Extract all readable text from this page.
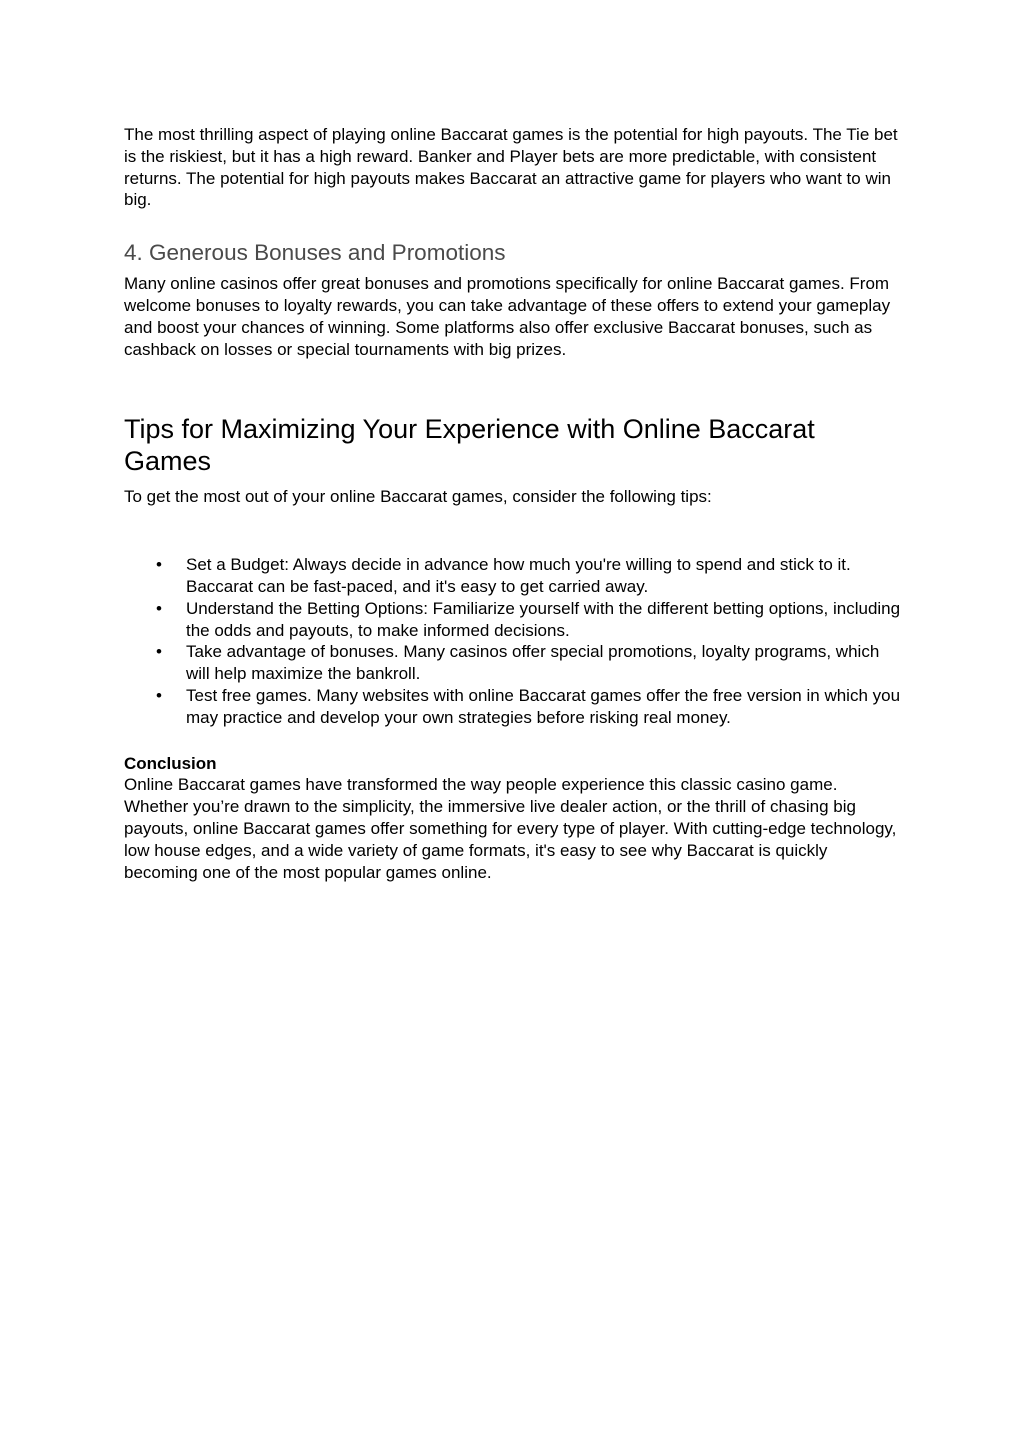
The most thrilling aspect of playing online Baccarat games is the potential for high payouts. The Tie bet is the riskiest, but it has a high reward. Banker and Player bets are more predictable, with consistent returns. The potential for high payouts makes Baccarat an attractive game for players who want to win big.

4. Generous Bonuses and Promotions

Many online casinos offer great bonuses and promotions specifically for online Baccarat games. From welcome bonuses to loyalty rewards, you can take advantage of these offers to extend your gameplay and boost your chances of winning. Some platforms also offer exclusive Baccarat bonuses, such as cashback on losses or special tournaments with big prizes.

Tips for Maximizing Your Experience with Online Baccarat Games

To get the most out of your online Baccarat games, consider the following tips:

• Set a Budget: Always decide in advance how much you're willing to spend and stick to it. Baccarat can be fast-paced, and it's easy to get carried away.
• Understand the Betting Options: Familiarize yourself with the different betting options, including the odds and payouts, to make informed decisions.
• Take advantage of bonuses. Many casinos offer special promotions, loyalty programs, which will help maximize the bankroll.
• Test free games. Many websites with online Baccarat games offer the free version in which you may practice and develop your own strategies before risking real money.

Conclusion

Online Baccarat games have transformed the way people experience this classic casino game. Whether you’re drawn to the simplicity, the immersive live dealer action, or the thrill of chasing big payouts, online Baccarat games offer something for every type of player. With cutting-edge technology, low house edges, and a wide variety of game formats, it's easy to see why Baccarat is quickly becoming one of the most popular games online.
